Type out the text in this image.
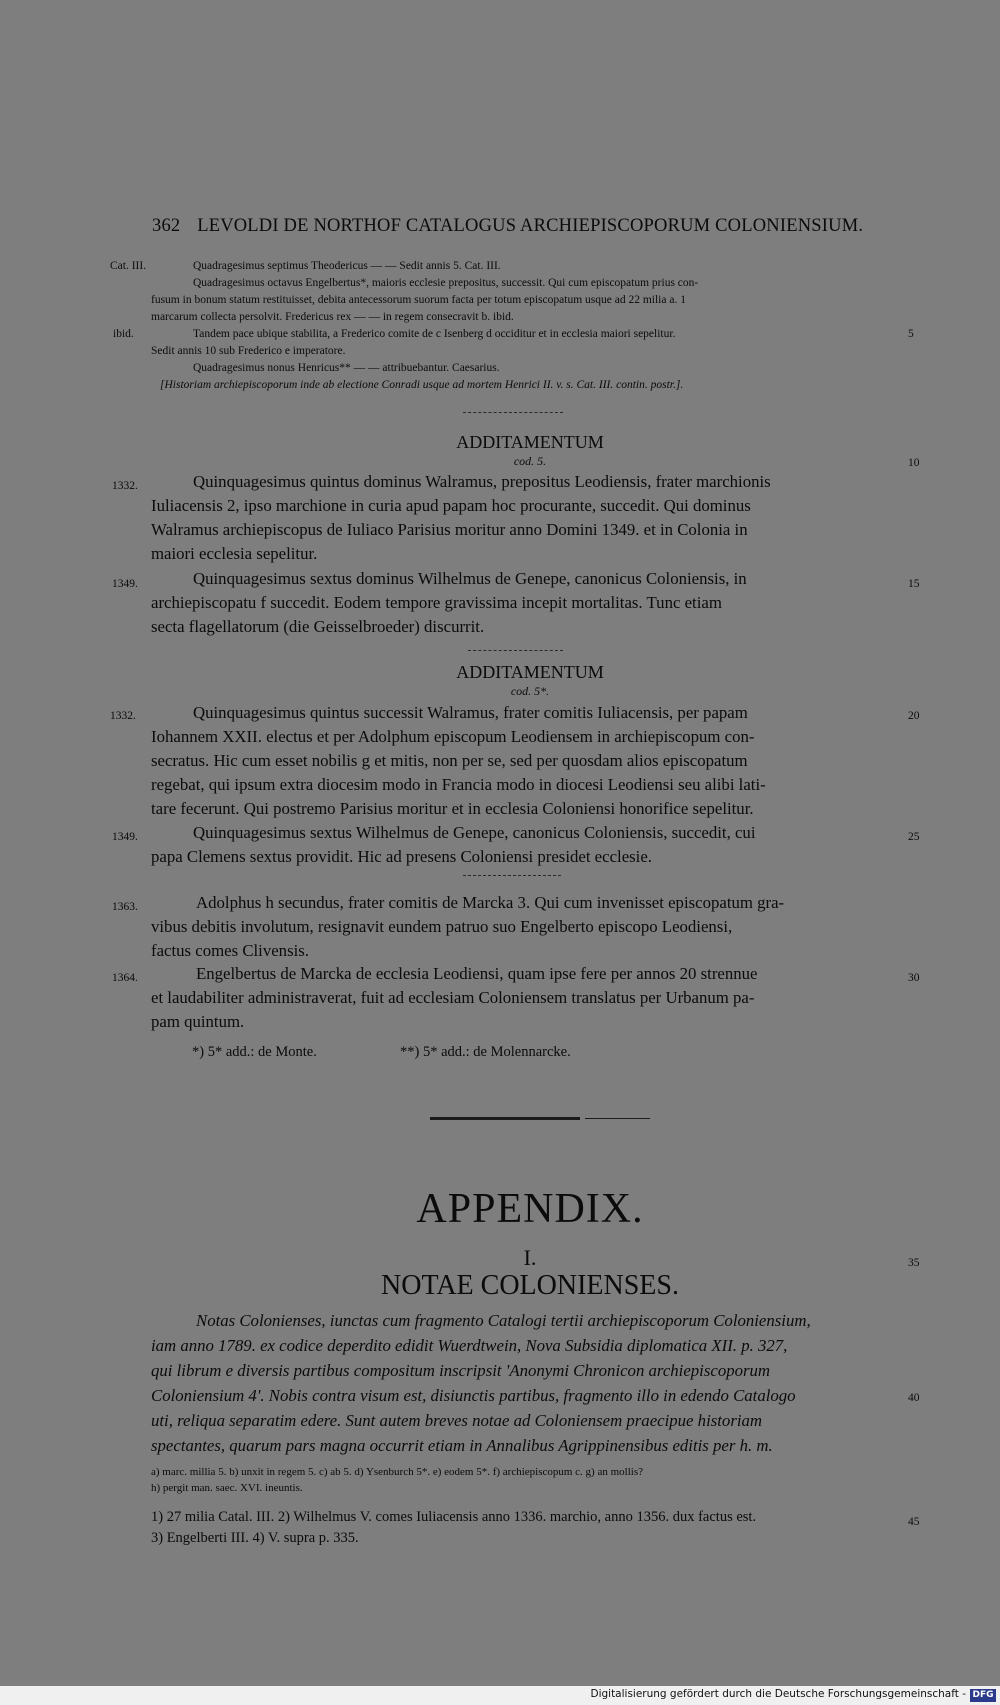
362 LEVOLDI DE NORTHOF CATALOGUS ARCHIEPISCOPORUM COLONIENSIUM.
Cat. III.	Quadragesimus septimus Theodericus — — Sedit annis 5. Cat. III.
Quadragesimus octavus Engelbertus*, maioris ecclesie prepositus, successit. Qui cum episcopatum prius con-
fusum in bonum statum restituisset, debita antecessorum suorum facta per totum episcopatum usque ad 22 milia a. 1
marcarum collecta persolvit. Fredericus rex — — in regem consecravit b. ibid.
ibid.	Tandem pace ubique stabilita, a Frederico comite de c Isenberg d occiditur et in ecclesia maiori sepelitur.	5
Sedit annis 10 sub Frederico e imperatore.
Quadragesimus nonus Henricus** — — attribuebantur. Caesarius.
[Historiam archiepiscoporum inde ab electione Conradi usque ad mortem Henrici II. v. s. Cat. III. contin. postr.].
ADDITAMENTUM
cod. 5.	10
1332.	Quinquagesimus quintus dominus Walramus, prepositus Leodiensis, frater marchionis
Iuliacensis 2, ipso marchione in curia apud papam hoc procurante, succedit. Qui dominus
Walramus archiepiscopus de Iuliaco Parisius moritur anno Domini 1349. et in Colonia in
maiori ecclesia sepelitur.
1349.	Quinquagesimus sextus dominus Wilhelmus de Genepe, canonicus Coloniensis, in	15
archiepiscopatu f succedit. Eodem tempore gravissima incepit mortalitas. Tunc etiam
secta flagellatorum (die Geisselbroeder) discurrit.
ADDITAMENTUM
cod. 5*.
1332.	Quinquagesimus quintus successit Walramus, frater comitis Iuliacensis, per papam	20
Iohannem XXII. electus et per Adolphum episcopum Leodiensem in archiepiscopum con-
secratus. Hic cum esset nobilis g et mitis, non per se, sed per quosdam alios episcopatum
regebat, qui ipsum extra diocesim modo in Francia modo in diocesi Leodiensi seu alibi lati-
tare fecerunt. Qui postremo Parisius moritur et in ecclesia Coloniensi honorifice sepelitur.
1349.	Quinquagesimus sextus Wilhelmus de Genepe, canonicus Coloniensis, succedit, cui	25
papa Clemens sextus providit. Hic ad presens Coloniensi presidet ecclesie.
1363.	Adolphus h secundus, frater comitis de Marcka 3. Qui cum invenisset episcopatum gra-
vibus debitis involutum, resignavit eundem patruo suo Engelberto episcopo Leodiensi,
factus comes Clivensis.
1364.	Engelbertus de Marcka de ecclesia Leodiensi, quam ipse fere per annos 20 strennue	30
et laudabiliter administraverat, fuit ad ecclesiam Coloniensem translatus per Urbanum pa-
pam quintum.
*) 5* add.: de Monte.	**) 5* add.: de Molennarcke.
APPENDIX.
I.	35
NOTAE COLONIENSES.
Notas Colonienses, iunctas cum fragmento Catalogi tertii archiepiscoporum Coloniensium,
iam anno 1789. ex codice deperdito edidit Wuerdtwein, Nova Subsidia diplomatica XII. p. 327,
qui librum e diversis partibus compositum inscripsit 'Anonymi Chronicon archiepiscoporum
Coloniensium 4'. Nobis contra visum est, disiunctis partibus, fragmento illo in edendo Catalogo	40
uti, reliqua separatim edere. Sunt autem breves notae ad Coloniensem praecipue historiam
spectantes, quarum pars magna occurrit etiam in Annalibus Agrippinensibus editis per h. m.
a) marc. millia 5. b) unxit in regem 5. c) ab 5. d) Ysenburch 5*. e) eodem 5*. f) archiepiscopum c. g) an mollis?
h) pergit man. saec. XVI. ineuntis.
1) 27 milia Catal. III. 2) Wilhelmus V. comes Iuliacensis anno 1336. marchio, anno 1356. dux factus est.	45
3) Engelberti III. 4) V. supra p. 335.
Digitalisierung gefördert durch die Deutsche Forschungsgemeinschaft - DFG
